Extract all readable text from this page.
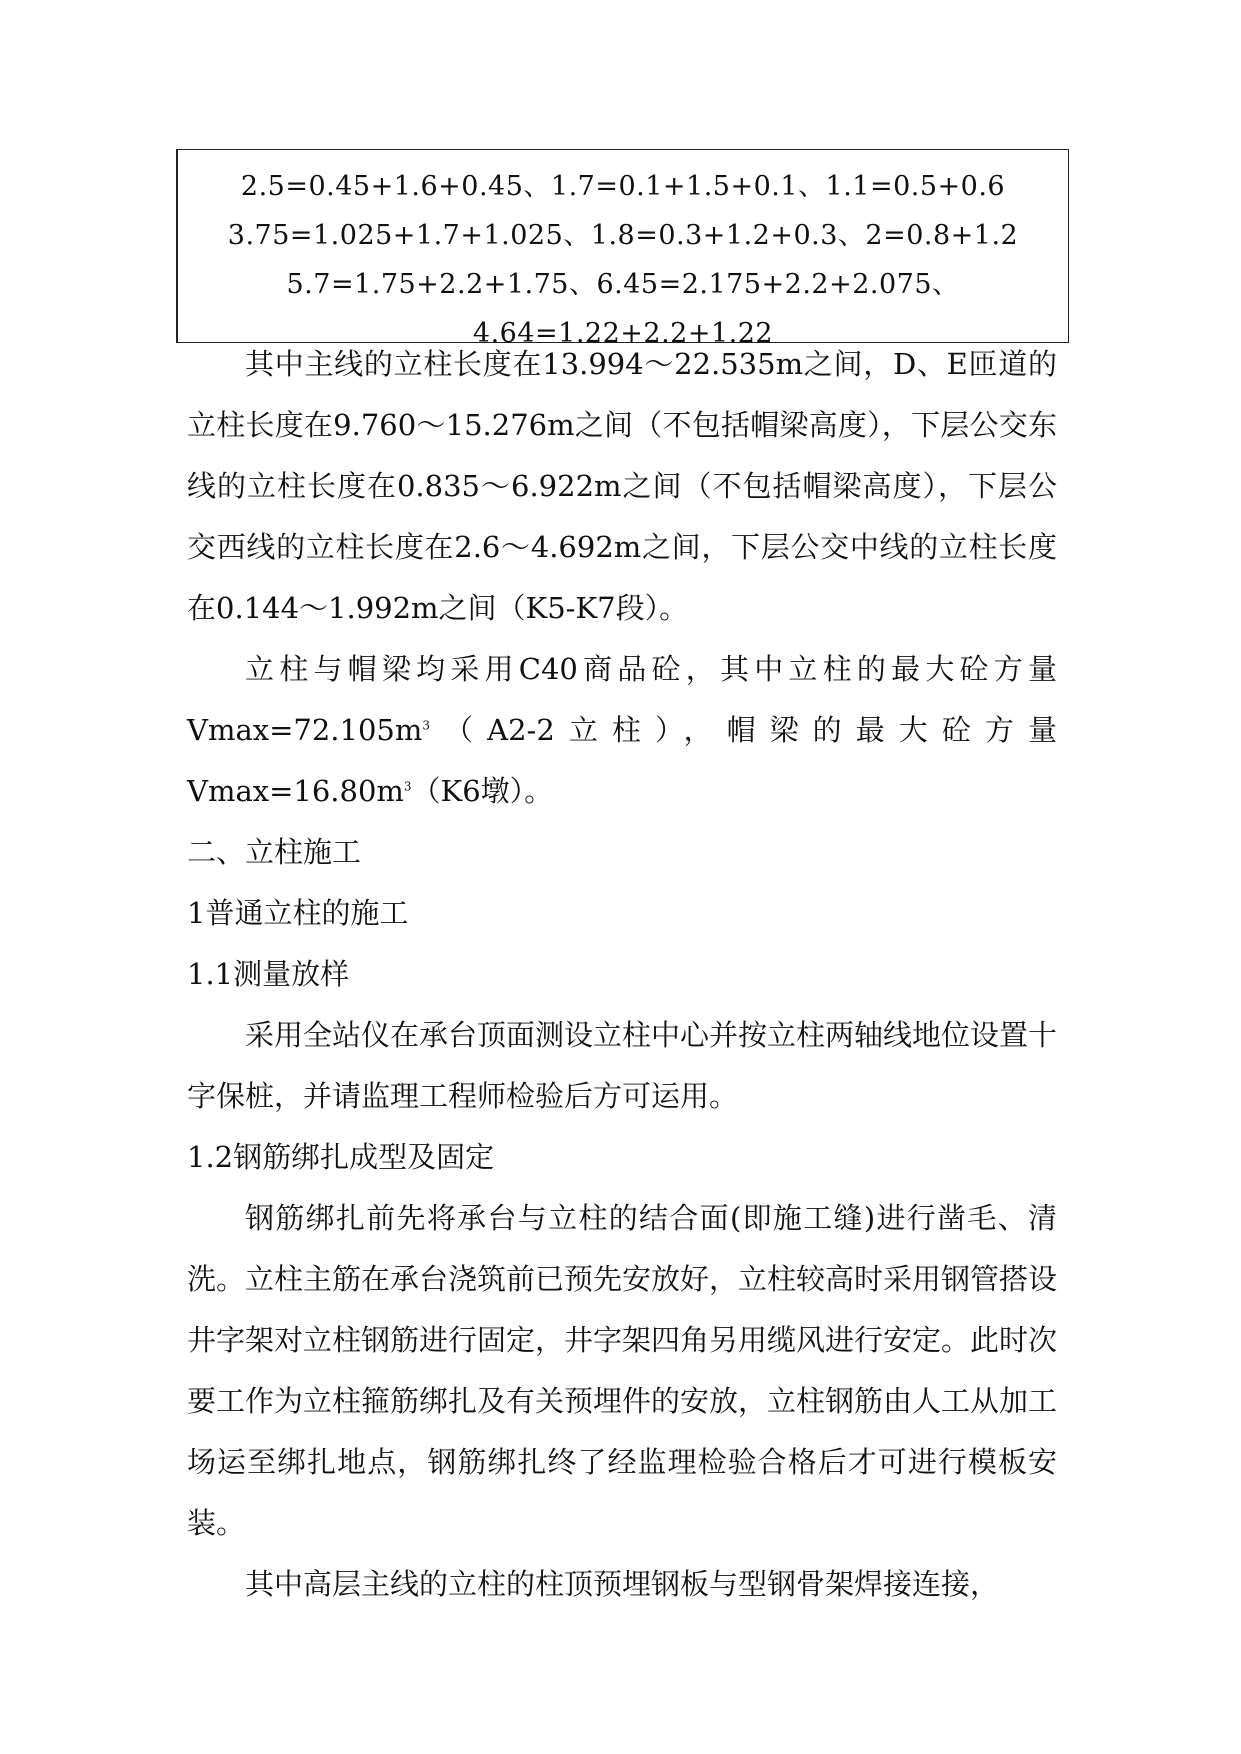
2.5=0.45+1.6+0.45、1.7=0.1+1.5+0.1、1.1=0.5+0.6
3.75=1.025+1.7+1.025、1.8=0.3+1.2+0.3、2=0.8+1.2
5.7=1.75+2.2+1.75、6.45=2.175+2.2+2.075、
4.64=1.22+2.2+1.22

其中主线的立柱长度在13.994～22.535m之间，D、E匝道的立柱长度在9.760～15.276m之间（不包括帽梁高度），下层公交东线的立柱长度在0.835～6.922m之间（不包括帽梁高度），下层公交西线的立柱长度在2.6～4.692m之间，下层公交中线的立柱长度在0.144～1.992m之间（K5-K7段）。

立柱与帽梁均采用C40商品砼，其中立柱的最大砼方量$Vmax=72.105m^3(A2-2$立柱），帽梁的最大砼方量$Vmax=16.80m^3(K6$墩）。

二、立柱施工

1普通立柱的施工

1.1测量放样

采用全站仪在承台顶面测设立柱中心并按立柱两轴线地位设置十字保桩，并请监理工程师检验后方可运用。

1.2钢筋绑扎成型及固定

钢筋绑扎前先将承台与立柱的结合面(即施工缝)进行凿毛、清洗。立柱主筋在承台浇筑前已预先安放好，立柱较高时采用钢管搭设井字架对立柱钢筋进行固定，井字架四角另用缆风进行安定。此时次要工作为立柱箍筋绑扎及有关预埋件的安放，立柱钢筋由人工从加工场运至绑扎地点，钢筋绑扎终了经监理检验合格后才可进行模板安装。

其中高层主线的立柱的柱顶预埋钢板与型钢骨架焊接连接，
